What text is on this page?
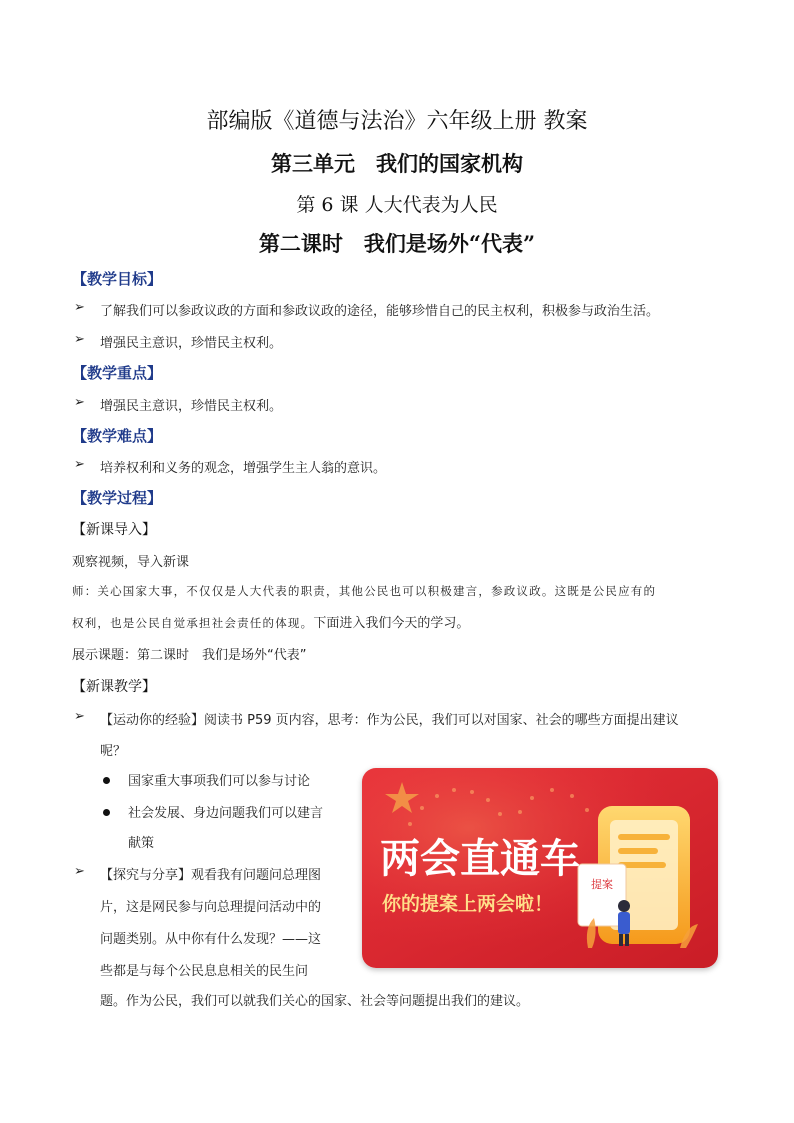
部编版《道德与法治》六年级上册 教案
第三单元　我们的国家机构
第 6 课 人大代表为人民
第二课时　我们是场外“代表”
【教学目标】
➢ 了解我们可以参政议政的方面和参政议政的途径，能够珍惜自己的民主权利，积极参与政治生活。
➢ 增强民主意识，珍惜民主权利。
【教学重点】
➢ 增强民主意识，珍惜民主权利。
【教学难点】
➢ 培养权利和义务的观念，增强学生主人翁的意识。
【教学过程】
【新课导入】
观察视频，导入新课
师：关心国家大事，不仅仅是人大代表的职责，其他公民也可以积极建言，参政议政。这既是公民应有的
权利，也是公民自觉承担社会责任的体现。下面进入我们今天的学习。
展示课题：第二课时　我们是场外“代表”
【新课教学】
➢ 【运动你的经验】阅读书 P59 页内容，思考：作为公民，我们可以对国家、社会的哪些方面提出建议
呢？
国家重大事项我们可以参与讨论
社会发展、身边问题我们可以建言
献策
➢ 【探究与分享】观看我有问题问总理图
片，这是网民参与向总理提问活动中的
问题类别。从中你有什么发现？——这
些都是与每个公民息息相关的民生问
题。作为公民，我们可以就我们关心的国家、社会等问题提出我们的建议。
两会直通车
你的提案上两会啦！
提案
